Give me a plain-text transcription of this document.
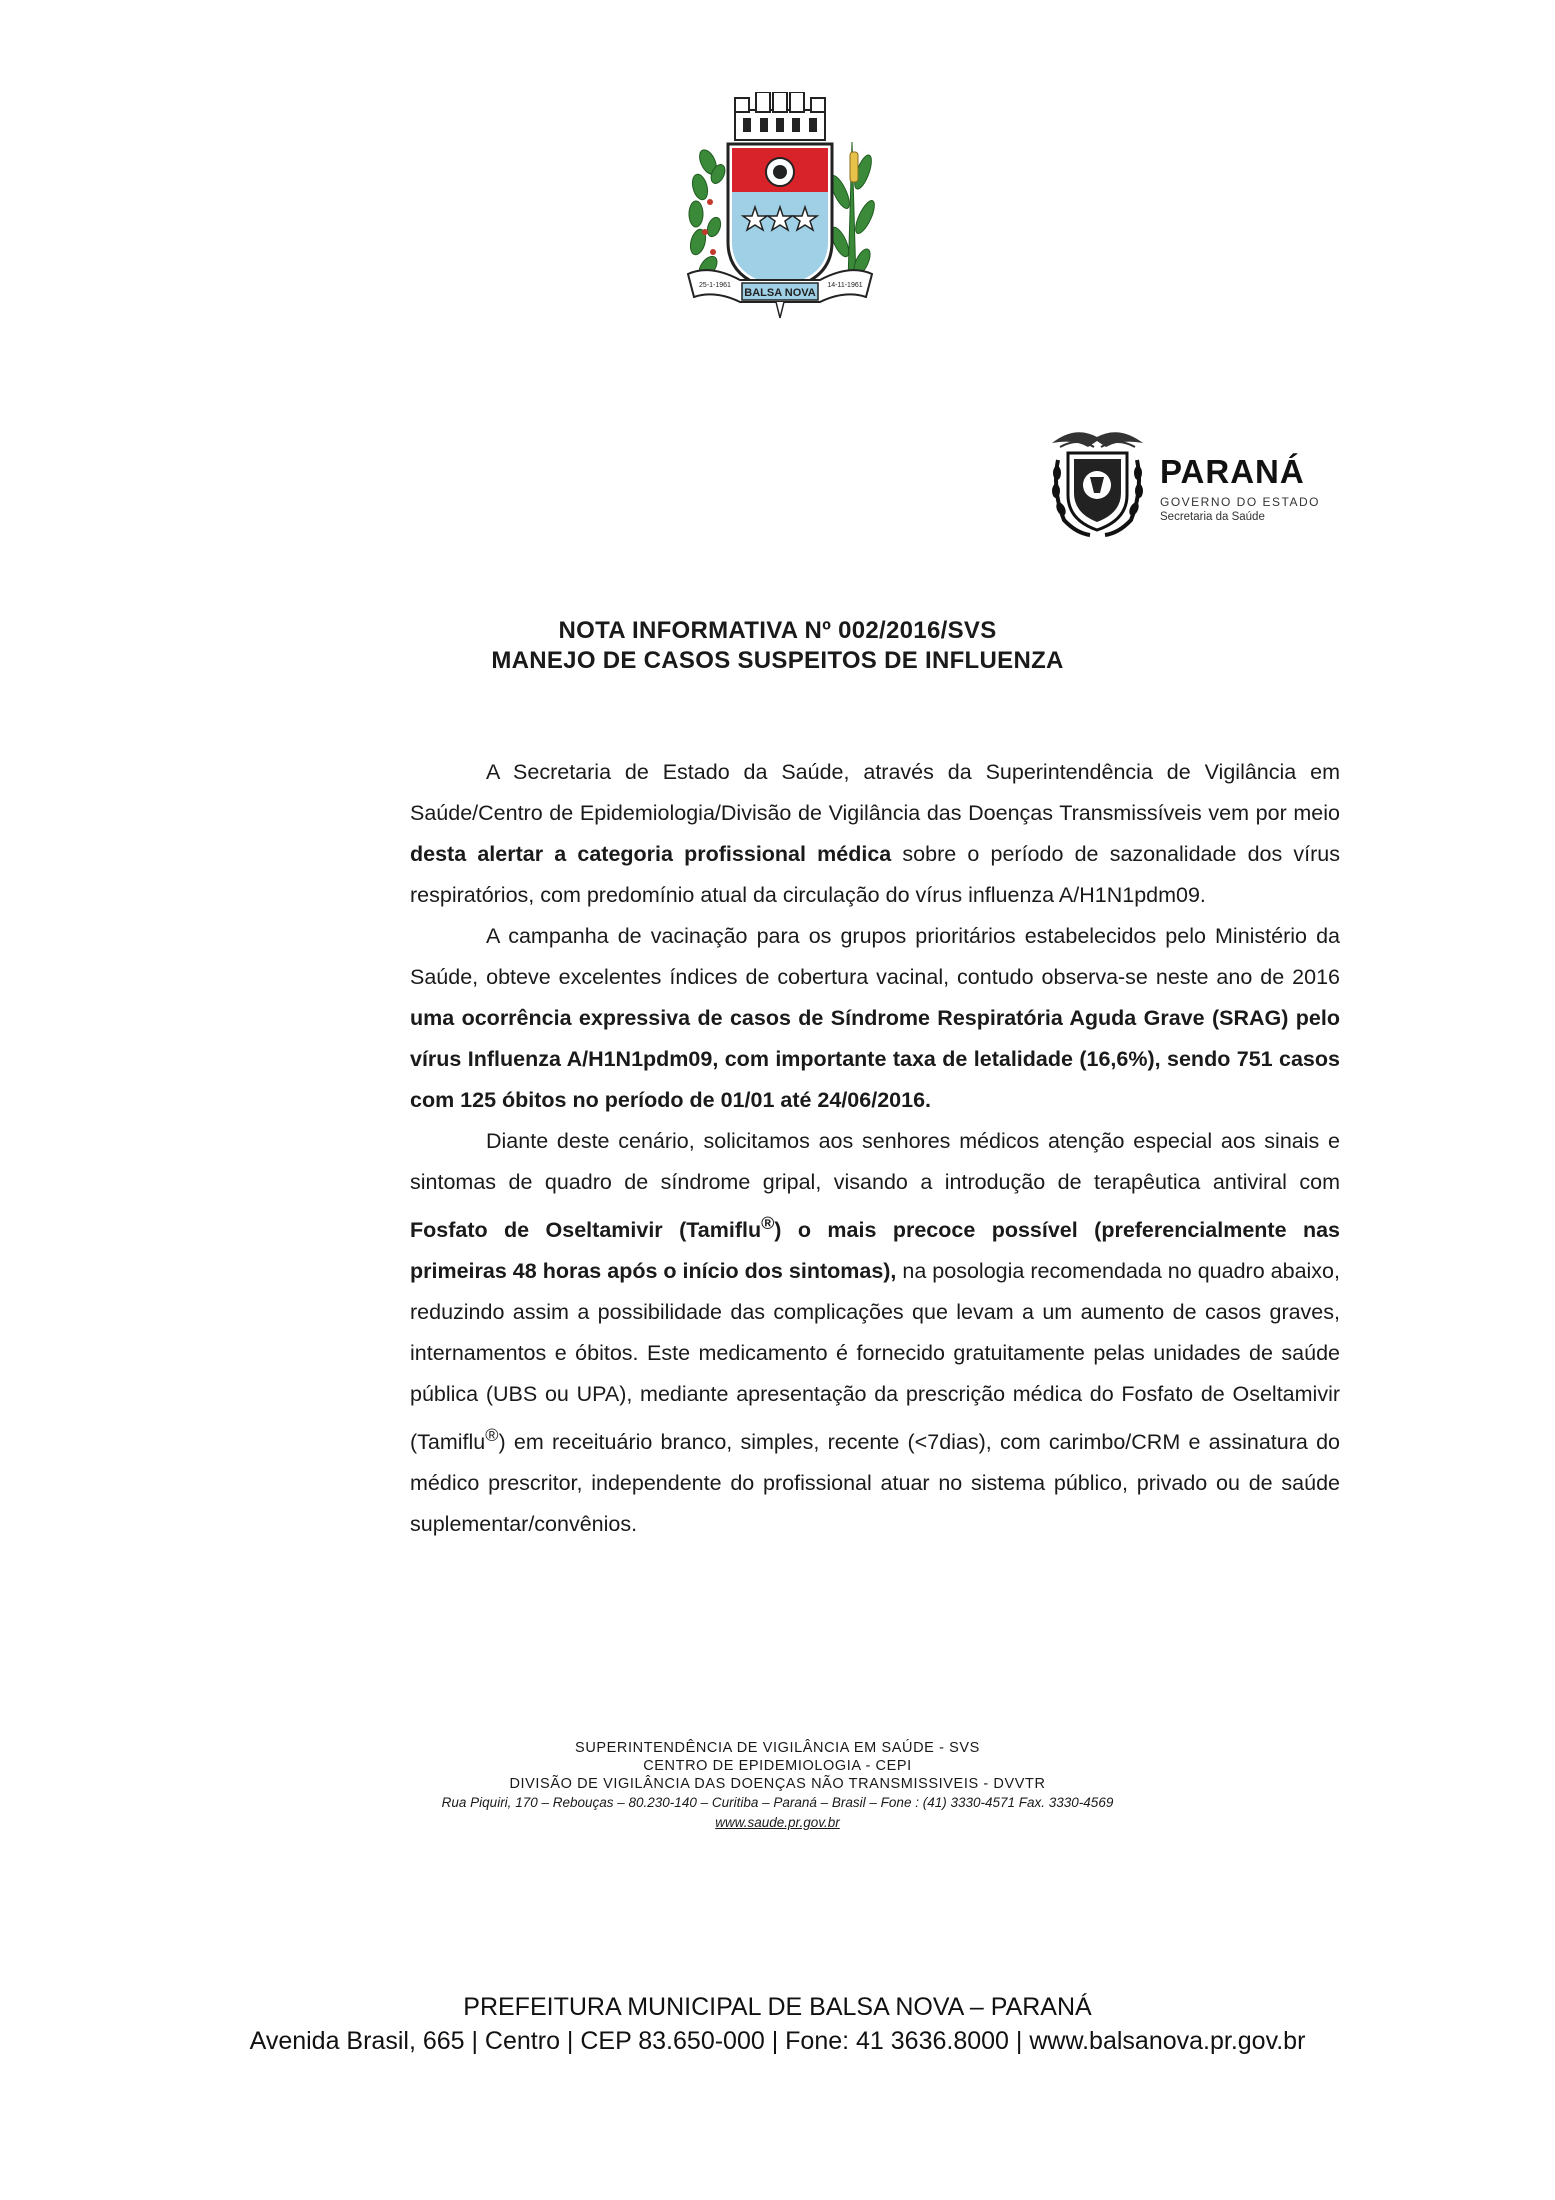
BALSA NOVA
25-1-1961	14-11-1961
PARANÁ
GOVERNO DO ESTADO
Secretaria da Saúde
NOTA INFORMATIVA Nº 002/2016/SVS
MANEJO DE CASOS SUSPEITOS DE INFLUENZA

A Secretaria de Estado da Saúde, através da Superintendência de Vigilância em Saúde/Centro de Epidemiologia/Divisão de Vigilância das Doenças Transmissíveis vem por meio desta alertar a categoria profissional médica sobre o período de sazonalidade dos vírus respiratórios, com predomínio atual da circulação do vírus influenza A/H1N1pdm09.

A campanha de vacinação para os grupos prioritários estabelecidos pelo Ministério da Saúde, obteve excelentes índices de cobertura vacinal, contudo observa-se neste ano de 2016 uma ocorrência expressiva de casos de Síndrome Respiratória Aguda Grave (SRAG) pelo vírus Influenza A/H1N1pdm09, com importante taxa de letalidade (16,6%), sendo 751 casos com 125 óbitos no período de 01/01 até 24/06/2016.

Diante deste cenário, solicitamos aos senhores médicos atenção especial aos sinais e sintomas de quadro de síndrome gripal, visando a introdução de terapêutica antiviral com Fosfato de Oseltamivir (Tamiflu®) o mais precoce possível (preferencialmente nas primeiras 48 horas após o início dos sintomas), na posologia recomendada no quadro abaixo, reduzindo assim a possibilidade das complicações que levam a um aumento de casos graves, internamentos e óbitos. Este medicamento é fornecido gratuitamente pelas unidades de saúde pública (UBS ou UPA), mediante apresentação da prescrição médica do Fosfato de Oseltamivir (Tamiflu®) em receituário branco, simples, recente (<7dias), com carimbo/CRM e assinatura do médico prescritor, independente do profissional atuar no sistema público, privado ou de saúde suplementar/convênios.

SUPERINTENDÊNCIA DE VIGILÂNCIA EM SAÚDE - SVS
CENTRO DE EPIDEMIOLOGIA - CEPI
DIVISÃO DE VIGILÂNCIA DAS DOENÇAS NÃO TRANSMISSIVEIS - DVVTR
Rua Piquiri, 170 – Rebouças – 80.230-140 – Curitiba – Paraná – Brasil – Fone : (41) 3330-4571 Fax. 3330-4569
www.saude.pr.gov.br
PREFEITURA MUNICIPAL DE BALSA NOVA – PARANÁ
Avenida Brasil, 665 | Centro | CEP 83.650-000 | Fone: 41 3636.8000 | www.balsanova.pr.gov.br
